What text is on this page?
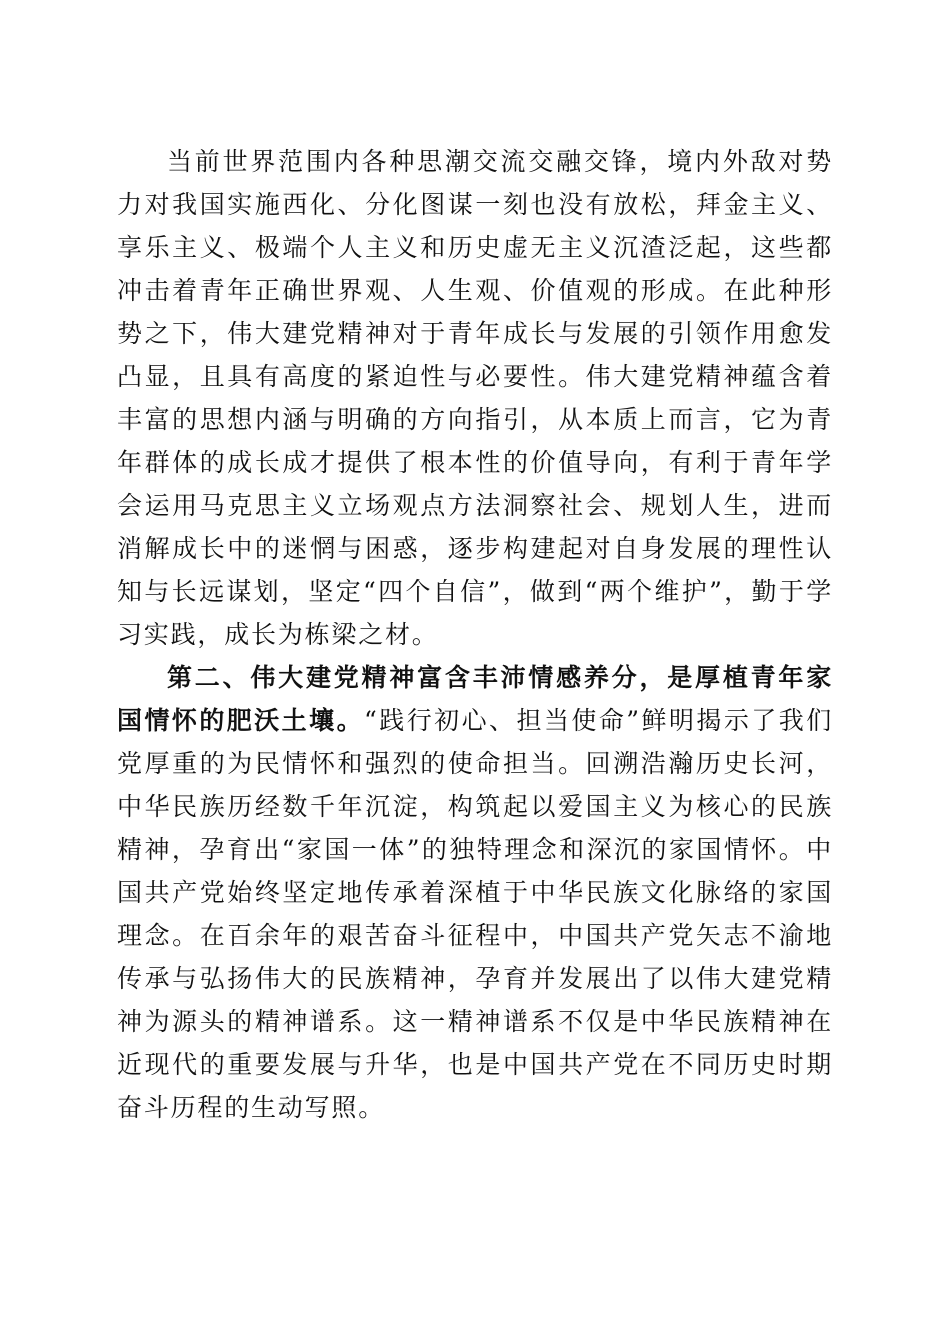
当前世界范围内各种思潮交流交融交锋，境内外敌对势力对我国实施西化、分化图谋一刻也没有放松，拜金主义、享乐主义、极端个人主义和历史虚无主义沉渣泛起，这些都冲击着青年正确世界观、人生观、价值观的形成。在此种形势之下，伟大建党精神对于青年成长与发展的引领作用愈发凸显，且具有高度的紧迫性与必要性。伟大建党精神蕴含着丰富的思想内涵与明确的方向指引，从本质上而言，它为青年群体的成长成才提供了根本性的价值导向，有利于青年学会运用马克思主义立场观点方法洞察社会、规划人生，进而消解成长中的迷惘与困惑，逐步构建起对自身发展的理性认知与长远谋划，坚定“四个自信”，做到“两个维护”，勤于学习实践，成长为栋梁之材。

第二、伟大建党精神富含丰沛情感养分，是厚植青年家国情怀的肥沃土壤。“践行初心、担当使命”鲜明揭示了我们党厚重的为民情怀和强烈的使命担当。回溯浩瀚历史长河，中华民族历经数千年沉淀，构筑起以爱国主义为核心的民族精神，孕育出“家国一体”的独特理念和深沉的家国情怀。中国共产党始终坚定地传承着深植于中华民族文化脉络的家国理念。在百余年的艰苦奋斗征程中，中国共产党矢志不渝地传承与弘扬伟大的民族精神，孕育并发展出了以伟大建党精神为源头的精神谱系。这一精神谱系不仅是中华民族精神在近现代的重要发展与升华，也是中国共产党在不同历史时期奋斗历程的生动写照。
